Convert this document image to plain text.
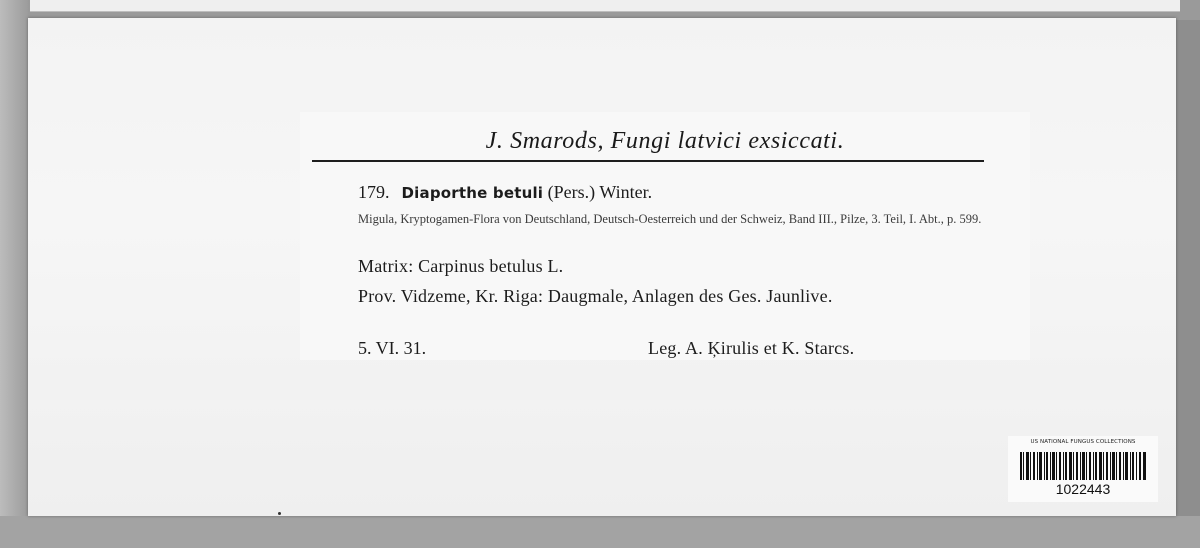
J. Smarods, Fungi latvici exsiccati.
179. Diaporthe betuli (Pers.) Winter.
Migula, Kryptogamen-Flora von Deutschland, Deutsch-Oesterreich und der Schweiz, Band III., Pilze, 3. Teil, I. Abt., p. 599.
Matrix: Carpinus betulus L.
Prov. Vidzeme, Kr. Riga: Daugmale, Anlagen des Ges. Jaunlive.
5. VI. 31.	Leg. A. Ķirulis et K. Starcs.
US NATIONAL FUNGUS COLLECTIONS
1022443
